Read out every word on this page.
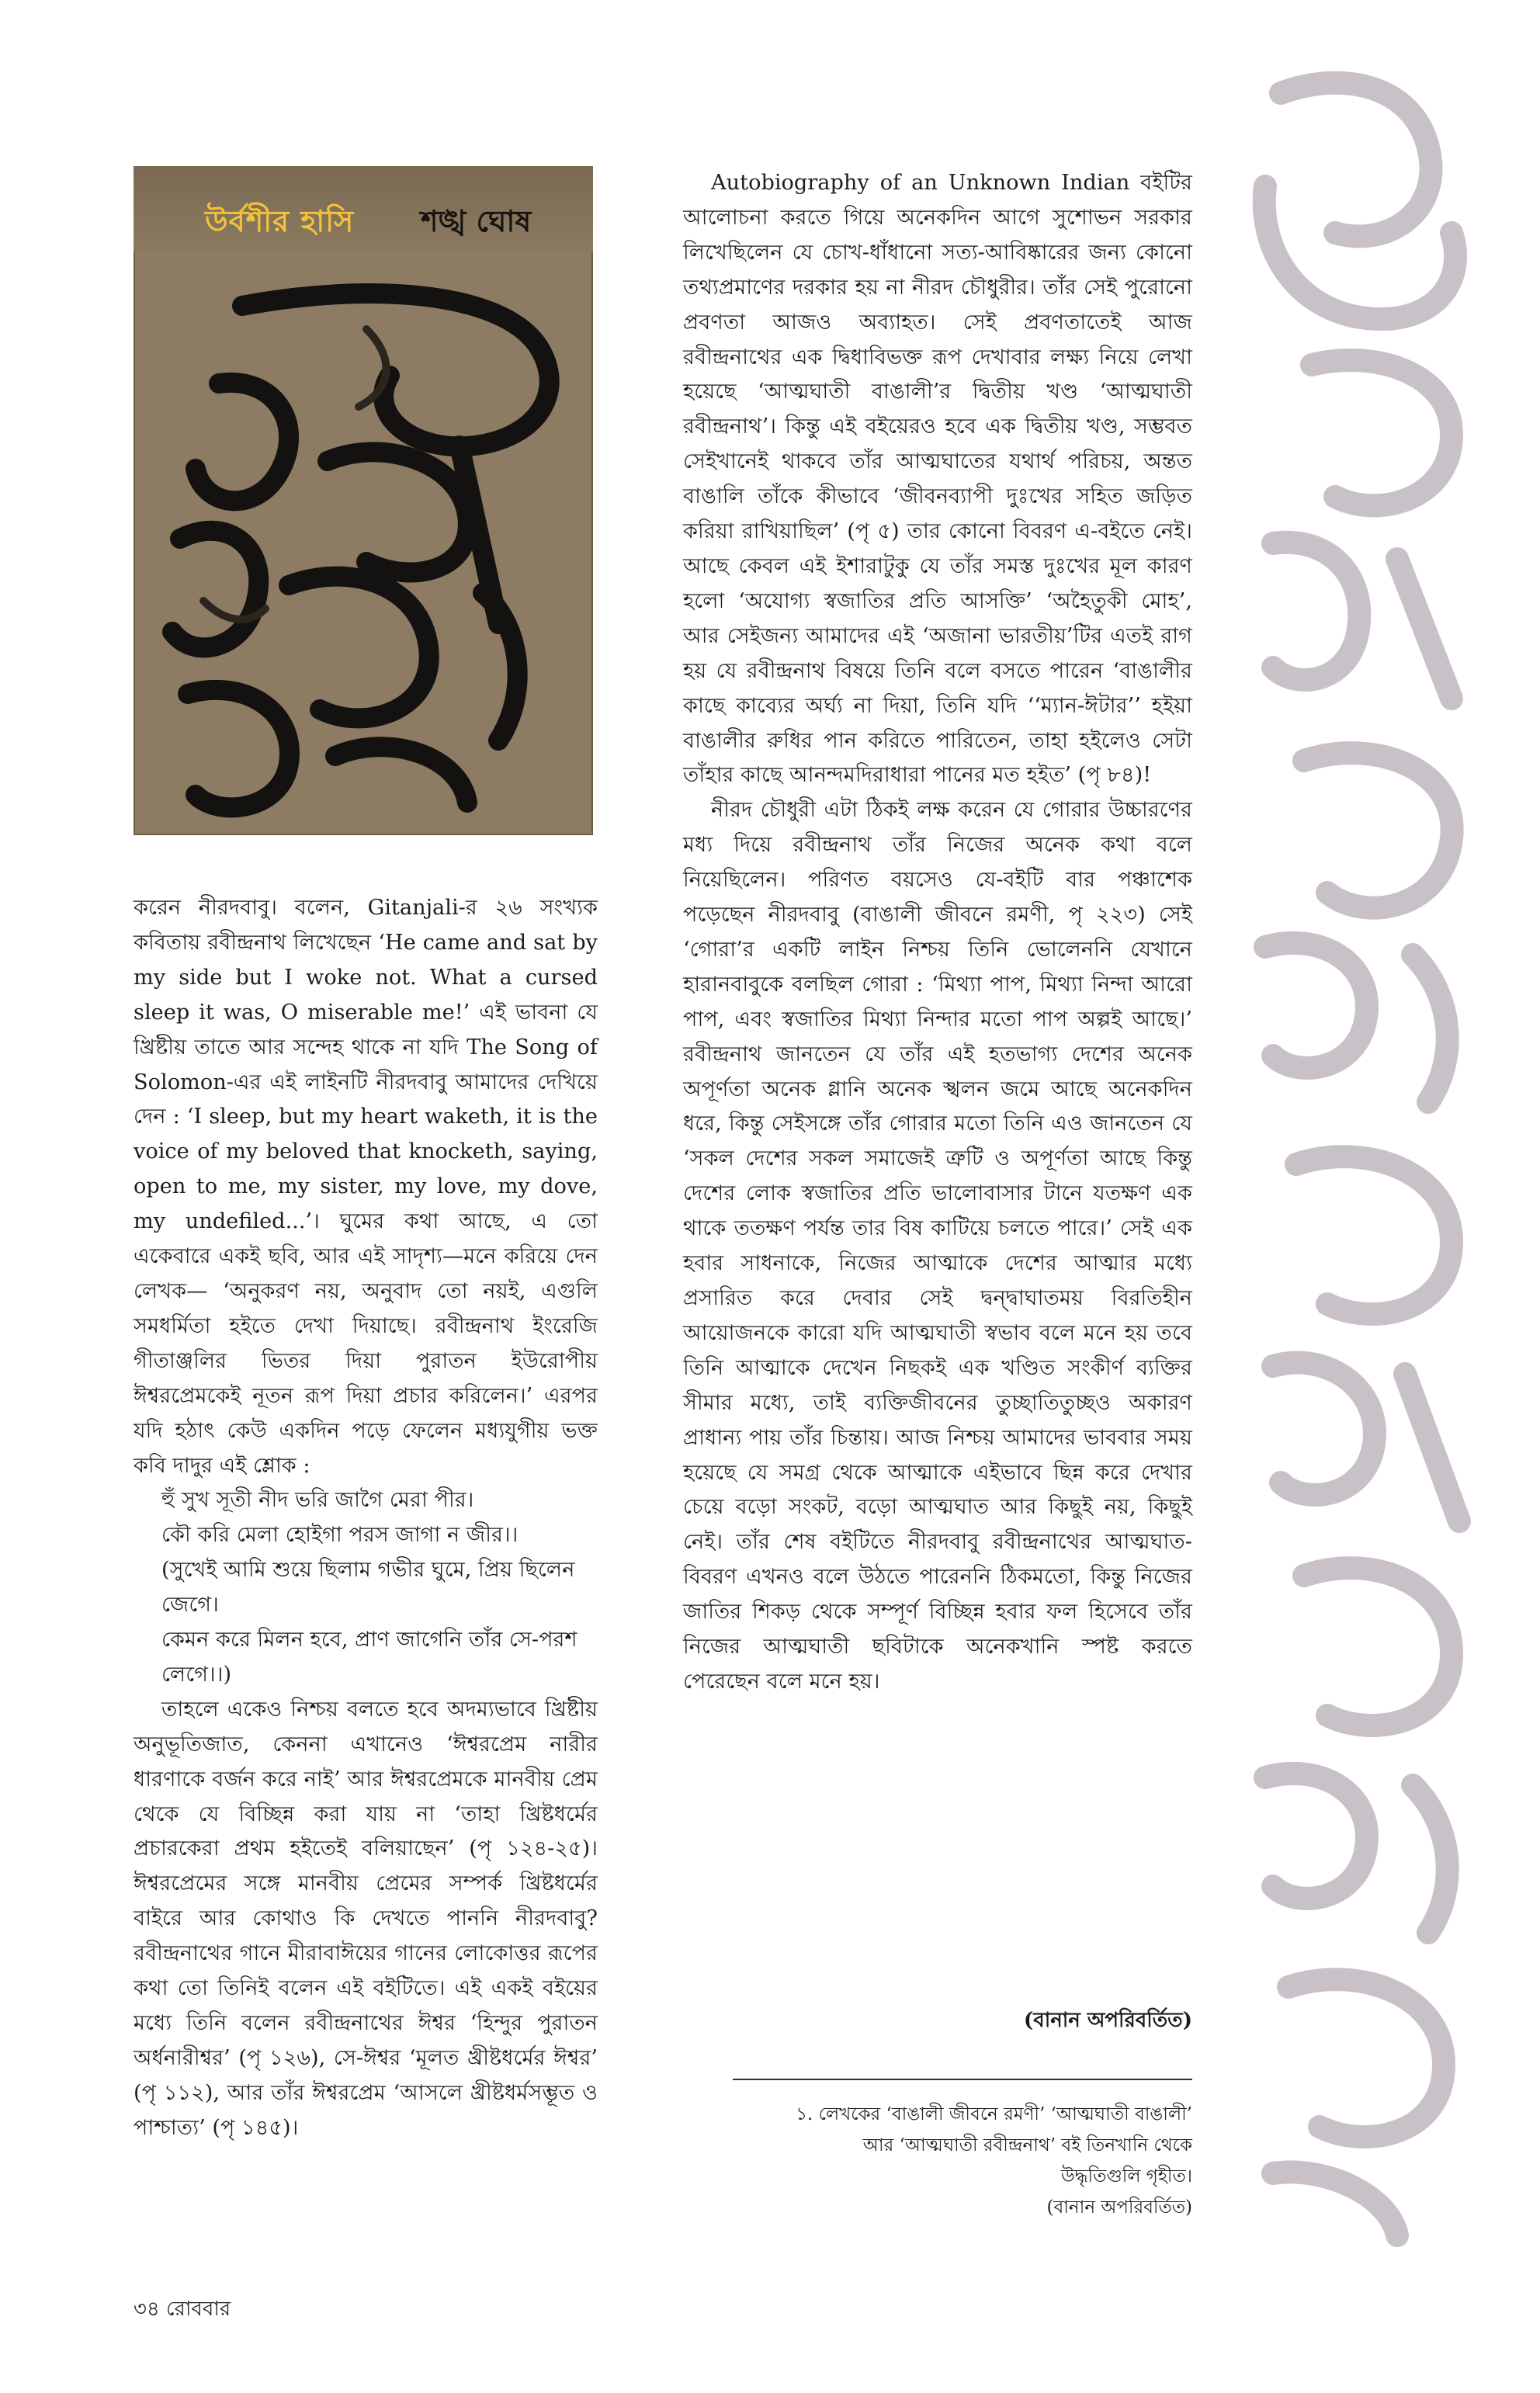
উর্বশীর হাসি শঙ্খ ঘোষ

করেন নীরদবাবু। বলেন, Gitanjali-র ২৬ সংখ্যক কবিতায় রবীন্দ্রনাথ লিখেছেন ‘He came and sat by my side but I woke not. What a cursed sleep it was, O miserable me!’ এই ভাবনা যে খ্রিষ্টীয় তাতে আর সন্দেহ থাকে না যদি The Song of Solomon-এর এই লাইনটি নীরদবাবু আমাদের দেখিয়ে দেন : ‘I sleep, but my heart waketh, it is the voice of my beloved that knocketh, saying, open to me, my sister, my love, my dove, my undefiled...’। ঘুমের কথা আছে, এ তো একেবারে একই ছবি, আর এই সাদৃশ্য—মনে করিয়ে দেন লেখক— ‘অনুকরণ নয়, অনুবাদ তো নয়ই, এগুলি সমধর্মিতা হইতে দেখা দিয়াছে। রবীন্দ্রনাথ ইংরেজি গীতাঞ্জলির ভিতর দিয়া পুরাতন ইউরোপীয় ঈশ্বরপ্রেমকেই নূতন রূপ দিয়া প্রচার করিলেন।’ এরপর যদি হঠাৎ কেউ একদিন পড়ে ফেলেন মধ্যযুগীয় ভক্ত কবি দাদুর এই শ্লোক :

হুঁ সুখ সূতী নীদ ভরি জাগৈ মেরা পীর।

কৌ করি মেলা হোইগা পরস জাগা ন জীর।।

(সুখেই আমি শুয়ে ছিলাম গভীর ঘুমে, প্রিয় ছিলেন জেগে।

কেমন করে মিলন হবে, প্রাণ জাগেনি তাঁর সে-পরশ লেগে।।)

তাহলে একেও নিশ্চয় বলতে হবে অদম্যভাবে খ্রিষ্টীয় অনুভূতিজাত, কেননা এখানেও ‘ঈশ্বরপ্রেম নারীর ধারণাকে বর্জন করে নাই’ আর ঈশ্বরপ্রেমকে মানবীয় প্রেম থেকে যে বিচ্ছিন্ন করা যায় না ‘তাহা খ্রিষ্টধর্মের প্রচারকেরা প্রথম হইতেই বলিয়াছেন’ (পৃ ১২৪-২৫)। ঈশ্বরপ্রেমের সঙ্গে মানবীয় প্রেমের সম্পর্ক খ্রিষ্টধর্মের বাইরে আর কোথাও কি দেখতে পাননি নীরদবাবু? রবীন্দ্রনাথের গানে মীরাবাঈয়ের গানের লোকোত্তর রূপের কথা তো তিনিই বলেন এই বইটিতে। এই একই বইয়ের মধ্যে তিনি বলেন রবীন্দ্রনাথের ঈশ্বর ‘হিন্দুর পুরাতন অর্ধনারীশ্বর’ (পৃ ১২৬), সে-ঈশ্বর ‘মূলত খ্রীষ্টধর্মের ঈশ্বর’ (পৃ ১১২), আর তাঁর ঈশ্বরপ্রেম ‘আসলে খ্রীষ্টধর্মসম্ভূত ও পাশ্চাত্য’ (পৃ ১৪৫)।

Autobiography of an Unknown Indian বইটির আলোচনা করতে গিয়ে অনেকদিন আগে সুশোভন সরকার লিখেছিলেন যে চোখ-ধাঁধানো সত্য-আবিষ্কারের জন্য কোনো তথ্যপ্রমাণের দরকার হয় না নীরদ চৌধুরীর। তাঁর সেই পুরোনো প্রবণতা আজও অব্যাহত। সেই প্রবণতাতেই আজ রবীন্দ্রনাথের এক দ্বিধাবিভক্ত রূপ দেখাবার লক্ষ্য নিয়ে লেখা হয়েছে ‘আত্মঘাতী বাঙালী’র দ্বিতীয় খণ্ড ‘আত্মঘাতী রবীন্দ্রনাথ’। কিন্তু এই বইয়েরও হবে এক দ্বিতীয় খণ্ড, সম্ভবত সেইখানেই থাকবে তাঁর আত্মঘাতের যথার্থ পরিচয়, অন্তত বাঙালি তাঁকে কীভাবে ‘জীবনব্যাপী দুঃখের সহিত জড়িত করিয়া রাখিয়াছিল’ (পৃ ৫) তার কোনো বিবরণ এ-বইতে নেই। আছে কেবল এই ইশারাটুকু যে তাঁর সমস্ত দুঃখের মূল কারণ হলো ‘অযোগ্য স্বজাতির প্রতি আসক্তি’ ‘অহৈতুকী মোহ’, আর সেইজন্য আমাদের এই ‘অজানা ভারতীয়’টির এতই রাগ হয় যে রবীন্দ্রনাথ বিষয়ে তিনি বলে বসতে পারেন ‘বাঙালীর কাছে কাব্যের অর্ঘ্য না দিয়া, তিনি যদি ‘‘ম্যান-ঈটার’’ হইয়া বাঙালীর রুধির পান করিতে পারিতেন, তাহা হইলেও সেটা তাঁহার কাছে আনন্দমদিরাধারা পানের মত হইত’ (পৃ ৮৪)!

নীরদ চৌধুরী এটা ঠিকই লক্ষ করেন যে গোরার উচ্চারণের মধ্য দিয়ে রবীন্দ্রনাথ তাঁর নিজের অনেক কথা বলে নিয়েছিলেন। পরিণত বয়সেও যে-বইটি বার পঞ্চাশেক পড়েছেন নীরদবাবু (বাঙালী জীবনে রমণী, পৃ ২২৩) সেই ‘গোরা’র একটি লাইন নিশ্চয় তিনি ভোলেননি যেখানে হারানবাবুকে বলছিল গোরা : ‘মিথ্যা পাপ, মিথ্যা নিন্দা আরো পাপ, এবং স্বজাতির মিথ্যা নিন্দার মতো পাপ অল্পই আছে।’ রবীন্দ্রনাথ জানতেন যে তাঁর এই হতভাগ্য দেশের অনেক অপূর্ণতা অনেক গ্লানি অনেক স্খলন জমে আছে অনেকদিন ধরে, কিন্তু সেইসঙ্গে তাঁর গোরার মতো তিনি এও জানতেন যে ‘সকল দেশের সকল সমাজেই ত্রুটি ও অপূর্ণতা আছে কিন্তু দেশের লোক স্বজাতির প্রতি ভালোবাসার টানে যতক্ষণ এক থাকে ততক্ষণ পর্যন্ত তার বিষ কাটিয়ে চলতে পারে।’ সেই এক হবার সাধনাকে, নিজের আত্মাকে দেশের আত্মার মধ্যে প্রসারিত করে দেবার সেই দ্বন্দ্বাঘাতময় বিরতিহীন আয়োজনকে কারো যদি আত্মঘাতী স্বভাব বলে মনে হয় তবে তিনি আত্মাকে দেখেন নিছকই এক খণ্ডিত সংকীর্ণ ব্যক্তির সীমার মধ্যে, তাই ব্যক্তিজীবনের তুচ্ছাতিতুচ্ছও অকারণ প্রাধান্য পায় তাঁর চিন্তায়। আজ নিশ্চয় আমাদের ভাববার সময় হয়েছে যে সমগ্র থেকে আত্মাকে এইভাবে ছিন্ন করে দেখার চেয়ে বড়ো সংকট, বড়ো আত্মঘাত আর কিছুই নয়, কিছুই নেই। তাঁর শেষ বইটিতে নীরদবাবু রবীন্দ্রনাথের আত্মঘাত-বিবরণ এখনও বলে উঠতে পারেননি ঠিকমতো, কিন্তু নিজের জাতির শিকড় থেকে সম্পূর্ণ বিচ্ছিন্ন হবার ফল হিসেবে তাঁর নিজের আত্মঘাতী ছবিটাকে অনেকখানি স্পষ্ট করতে পেরেছেন বলে মনে হয়।

(বানান অপরিবর্তিত)

১. লেখকের ‘বাঙালী জীবনে রমণী’ ‘আত্মঘাতী বাঙালী’

আর ‘আত্মঘাতী রবীন্দ্রনাথ’ বই তিনখানি থেকে

উদ্ধৃতিগুলি গৃহীত।

(বানান অপরিবর্তিত)

৩৪ রোববার
